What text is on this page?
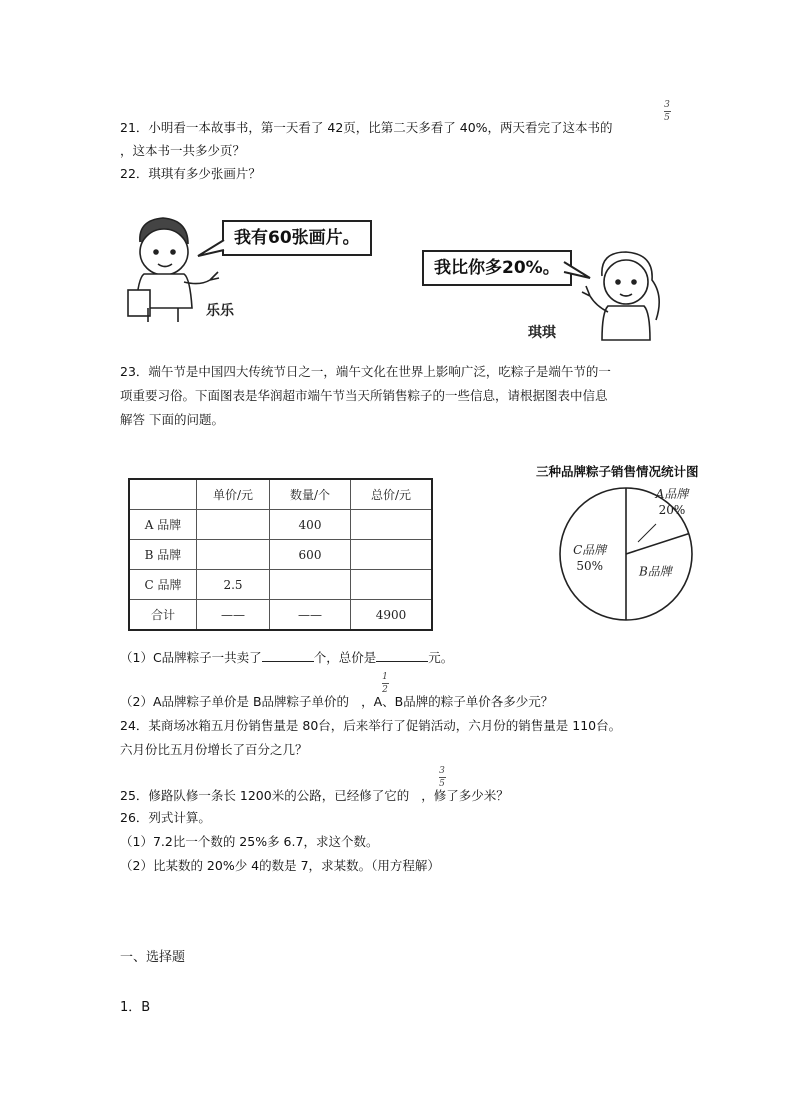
3
5
21．小明看一本故事书，第一天看了 42页，比第二天多看了 40%，两天看完了这本书的
，这本书一共多少页？
22．琪琪有多少张画片？
我有60张画片。
乐乐
我比你多20%。
琪琪
23．端午节是中国四大传统节日之一，端午文化在世界上影响广泛，吃粽子是端午节的一
项重要习俗。下面图表是华润超市端午节当天所销售粽子的一些信息，请根据图表中信息
解答 下面的问题。
	单价/元	数量/个	总价/元
A 品牌		400	
B 品牌		600	
C 品牌	2.5		
合计	——	——	4900
三种品牌粽子销售情况统计图
A品牌
20%
B品牌
C品牌
50%
（1）C品牌粽子一共卖了	个，总价是	元。
1
2
（2）A品牌粽子单价是 B品牌粽子单价的 ，A、B品牌的粽子单价各多少元？
24．某商场冰箱五月份销售量是 80台，后来举行了促销活动，六月份的销售量是 110台。
六月份比五月份增长了百分之几？
3
5
25．修路队修一条长 1200米的公路，已经修了它的 ，修了多少米？
26．列式计算。
（1）7.2比一个数的 25%多 6.7，求这个数。
（2）比某数的 20%少 4的数是 7，求某数。（用方程解）
一、选择题
1．B
